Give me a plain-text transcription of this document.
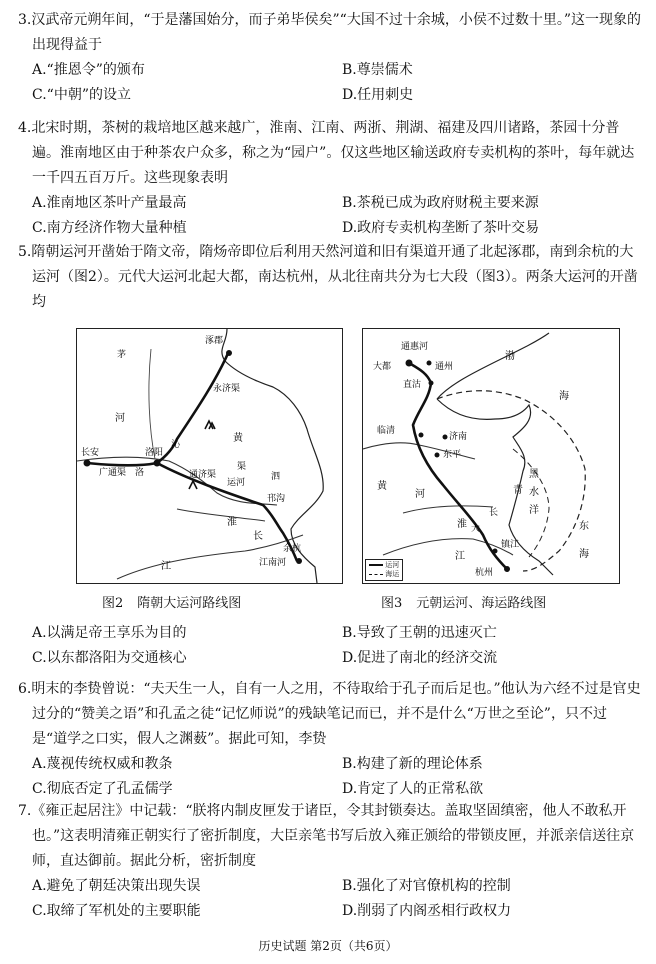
3.汉武帝元朔年间，“于是藩国始分，而子弟毕侯矣”“大国不过十余城，小侯不过数十里。”这一现象的出现得益于
A.“推恩令”的颁布	B.尊崇儒术
C.“中朝”的设立	D.任用刺史
4.北宋时期，茶树的栽培地区越来越广，淮南、江南、两浙、荆湖、福建及四川诸路，茶园十分普遍。淮南地区由于种茶农户众多，称之为“园户”。仅这些地区输送政府专卖机构的茶叶，每年就达一千四五百万斤。这些现象表明
A.淮南地区茶叶产量最高	B.茶税已成为政府财税主要来源
C.南方经济作物大量种植	D.政府专卖机构垄断了茶叶交易
5.隋朝运河开凿始于隋文帝，隋炀帝即位后利用天然河道和旧有渠道开通了北起涿郡，南到余杭的大运河（图2）。元代大运河北起大都，南达杭州，从北往南共分为七大段（图3）。两条大运河的开凿均
涿郡
永济渠
黄
河
长安	洛阳
邗沟
通济渠
淮
江
长
江南河
余杭
茅
泗
沁
洛
广通渠
渠
运河
通惠河
大都	通州
直沽
渤
海
临清
济南
东平
黄
河
淮
江
大
镇江
杭州
青
黑
水
洋
东
海
长
运河
海运
图2 隋朝大运河路线图	图3 元朝运河、海运路线图
A.以满足帝王享乐为目的	B.导致了王朝的迅速灭亡
C.以东都洛阳为交通核心	D.促进了南北的经济交流
6.明末的李贽曾说：“夫天生一人，自有一人之用，不待取给于孔子而后足也。”他认为六经不过是官史过分的“赞美之语”和孔孟之徒“记忆师说”的残缺笔记而已，并不是什么“万世之至论”，只不过是“道学之口实，假人之渊薮”。据此可知，李贽
A.蔑视传统权威和教条	B.构建了新的理论体系
C.彻底否定了孔孟儒学	D.肯定了人的正常私欲
7.《雍正起居注》中记载：“朕将内制皮匣发于诸臣，令其封锁奏达。盖取坚固缜密，他人不敢私开也。”这表明清雍正朝实行了密折制度，大臣亲笔书写后放入雍正颁给的带锁皮匣，并派亲信送往京师，直达御前。据此分析，密折制度
A.避免了朝廷决策出现失误	B.强化了对官僚机构的控制
C.取缔了军机处的主要职能	D.削弱了内阁丞相行政权力
历史试题 第2页（共6页）
